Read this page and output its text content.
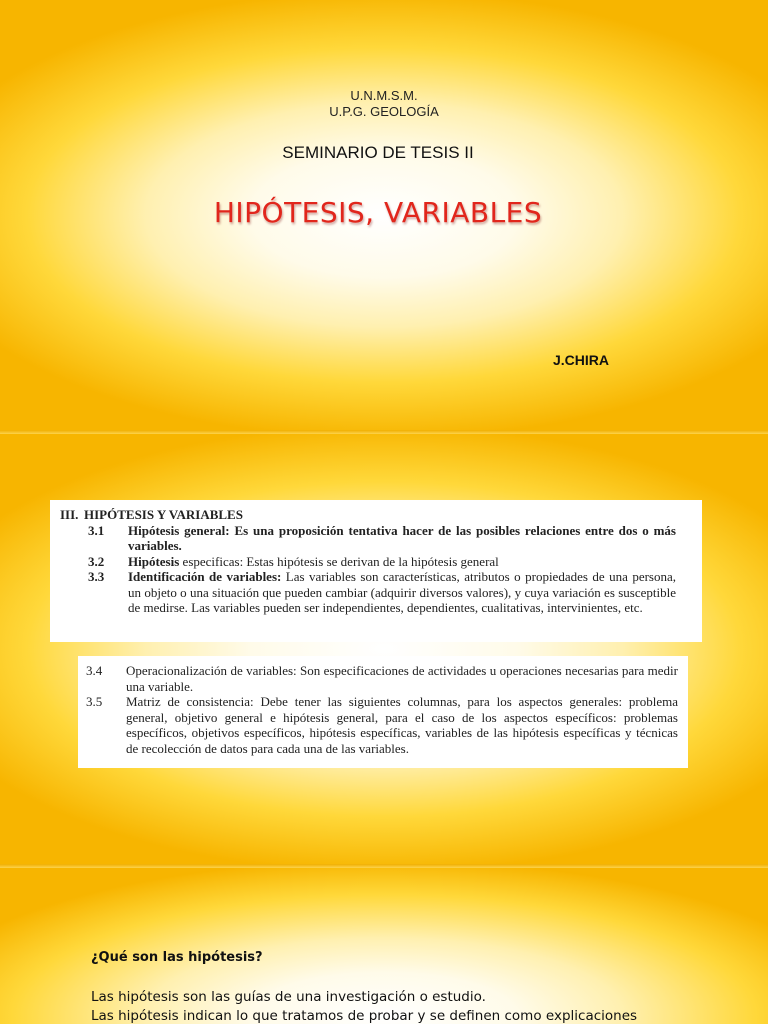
U.N.M.S.M.
U.P.G. GEOLOGÍA
SEMINARIO DE TESIS II
HIPÓTESIS, VARIABLES
J.CHIRA
III. HIPÓTESIS Y VARIABLES
3.1	Hipótesis general: Es una proposición tentativa hacer de las posibles relaciones entre dos o más variables.
3.2	Hipótesis especificas: Estas hipótesis se derivan de la hipótesis general
3.3	Identificación de variables: Las variables son características, atributos o propiedades de una persona, un objeto o una situación que pueden cambiar (adquirir diversos valores), y cuya variación es susceptible de medirse. Las variables pueden ser independientes, dependientes, cualitativas, intervinientes, etc.
3.4	Operacionalización de variables: Son especificaciones de actividades u operaciones necesarias para medir una variable.
3.5	Matriz de consistencia: Debe tener las siguientes columnas, para los aspectos generales: problema general, objetivo general e hipótesis general, para el caso de los aspectos específicos: problemas específicos, objetivos específicos, hipótesis específicas, variables de las hipótesis específicas y técnicas de recolección de datos para cada una de las variables.
¿Qué son las hipótesis?
Las hipótesis son las guías de una investigación o estudio.
Las hipótesis indican lo que tratamos de probar y se definen como explicaciones
